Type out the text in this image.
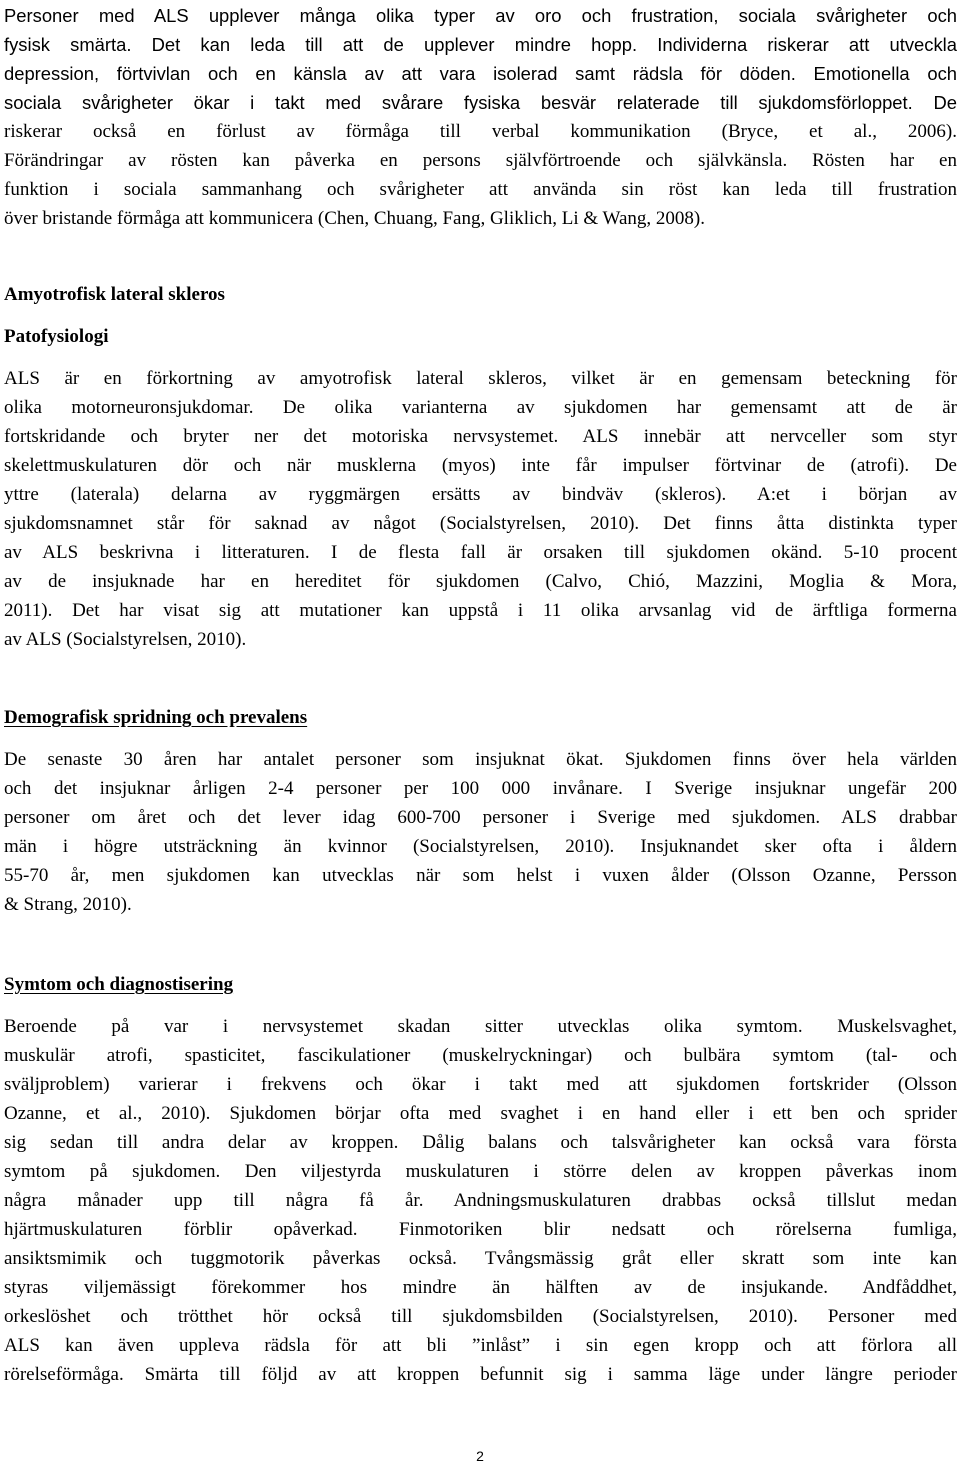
Personer med ALS upplever många olika typer av oro och frustration, sociala svårigheter och
fysisk smärta. Det kan leda till att de upplever mindre hopp. Individerna riskerar att utveckla
depression, förtvivlan och en känsla av att vara isolerad samt rädsla för döden. Emotionella och
sociala svårigheter ökar i takt med svårare fysiska besvär relaterade till sjukdomsförloppet. De

riskerar också en förlust av förmåga till verbal kommunikation (Bryce, et al., 2006).
Förändringar av rösten kan påverka en persons självförtroende och självkänsla. Rösten har en
funktion i sociala sammanhang och svårigheter att använda sin röst kan leda till frustration
över bristande förmåga att kommunicera (Chen, Chuang, Fang, Gliklich, Li & Wang, 2008).

Amyotrofisk lateral skleros

Patofysiologi

ALS är en förkortning av amyotrofisk lateral skleros, vilket är en gemensam beteckning för
olika motorneuronsjukdomar. De olika varianterna av sjukdomen har gemensamt att de är
fortskridande och bryter ner det motoriska nervsystemet. ALS innebär att nervceller som styr
skelettmuskulaturen dör och när musklerna (myos) inte får impulser förtvinar de (atrofi). De
yttre (laterala) delarna av ryggmärgen ersätts av bindväv (skleros). A:et i början av
sjukdomsnamnet står för saknad av något (Socialstyrelsen, 2010). Det finns åtta distinkta typer
av ALS beskrivna i litteraturen. I de flesta fall är orsaken till sjukdomen okänd. 5-10 procent
av de insjuknade har en hereditet för sjukdomen (Calvo, Chió, Mazzini, Moglia & Mora,
2011). Det har visat sig att mutationer kan uppstå i 11 olika arvsanlag vid de ärftliga formerna
av ALS (Socialstyrelsen, 2010).

Demografisk spridning och prevalens

De senaste 30 åren har antalet personer som insjuknat ökat. Sjukdomen finns över hela världen
och det insjuknar årligen 2-4 personer per 100 000 invånare. I Sverige insjuknar ungefär 200
personer om året och det lever idag 600-700 personer i Sverige med sjukdomen. ALS drabbar
män i högre utsträckning än kvinnor (Socialstyrelsen, 2010). Insjuknandet sker ofta i åldern
55-70 år, men sjukdomen kan utvecklas när som helst i vuxen ålder (Olsson Ozanne, Persson
& Strang, 2010).

Symtom och diagnostisering

Beroende på var i nervsystemet skadan sitter utvecklas olika symtom. Muskelsvaghet,
muskulär atrofi, spasticitet, fascikulationer (muskelryckningar) och bulbära symtom (tal- och
sväljproblem) varierar i frekvens och ökar i takt med att sjukdomen fortskrider (Olsson
Ozanne, et al., 2010). Sjukdomen börjar ofta med svaghet i en hand eller i ett ben och sprider
sig sedan till andra delar av kroppen. Dålig balans och talsvårigheter kan också vara första
symtom på sjukdomen. Den viljestyrda muskulaturen i större delen av kroppen påverkas inom
några månader upp till några få år. Andningsmuskulaturen drabbas också tillslut medan
hjärtmuskulaturen förblir opåverkad. Finmotoriken blir nedsatt och rörelserna fumliga,
ansiktsmimik och tuggmotorik påverkas också. Tvångsmässig gråt eller skratt som inte kan
styras viljemässigt förekommer hos mindre än hälften av de insjukande. Andfåddhet,
orkeslöshet och trötthet hör också till sjukdomsbilden (Socialstyrelsen, 2010). Personer med
ALS kan även uppleva rädsla för att bli ”inlåst” i sin egen kropp och att förlora all
rörelseförmåga. Smärta till följd av att kroppen befunnit sig i samma läge under längre perioder

2
